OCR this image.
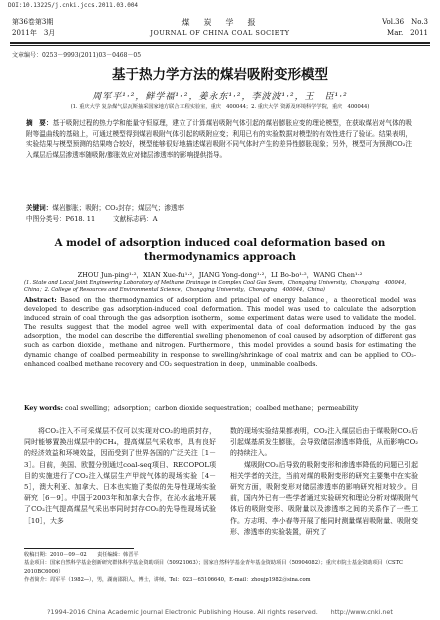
DOI:10.13225/j.cnki.jccs.2011.03.004
第36卷第3期
2011年　3月
煤　炭　学　报
JOURNAL OF CHINA COAL SOCIETY
Vol.36　No.3
Mar.　2011
文章编号：0253－9993(2011)03－0468－05
基于热力学方法的煤岩吸附变形模型
周军平¹·²，鲜学福¹·²，姜永东¹·²，李波波¹·²，王　臣¹·²
(1. 重庆大学 复杂煤气层瓦斯抽采国家地方联合工程实验室，重庆　400044；2. 重庆大学 资源及环境科学学院，重庆　400044)
摘　要：基于吸附过程的热力学和能量守恒原理，建立了计算煤岩吸附气体引起的煤岩膨胀应变的理论模型，在获取煤岩对气体的吸附等温曲线的基础上，可通过模型得到煤岩吸附气体引起的吸附应变；利用已有的实验数据对模型的有效性进行了验证。结果表明，实验结果与模型预测的结果吻合较好，模型能够很好地描述煤岩吸附不同气体时产生的差异性膨胀现象；另外，模型可为预测CO₂注入煤层后煤层渗透率随吸附/膨胀效应对储层渗透率的影响提供指导。
关键词：煤岩膨胀；吸附；CO₂封存；煤层气；渗透率
中图分类号：P618. 11	文献标志码：A
A model of adsorption induced coal deformation based on thermodynamics approach
ZHOU Jun-ping¹·²，XIAN Xue-fu¹·²，JIANG Yong-dong¹·²，LI Bo-bo¹·²，WANG Chen¹·²
(1. State and Local Joint Engineering Laboratory of Methane Drainage in Complex Coal Gas Seam，Chongqing University，Chongqing　400044，China；2. College of Resources and Environmental Science，Chongqing University，Chongqing　400044，China)
Abstract: Based on the thermodynamics of adsorption and principal of energy balance，a theoretical model was developed to describe gas adsorption-induced coal deformation. This model was used to calculate the adsorption induced strain of coal through the gas adsorption isotherm，some experiment datas were used to validate the model. The results suggest that the model agree well with experimental data of coal deformation induced by the gas adsorption，the model can describe the differential swelling phenomenon of coal caused by adsorption of different gas such as carbon dioxide，methane and nitrogen. Furthermore，this model provides a sound basis for estimating the dynamic change of coalbed permeability in response to swelling/shrinkage of coal matrix and can be applied to CO₂-enhanced coalbed methane recovery and CO₂ sequestration in deep，unminable coalbeds.
Key words: coal swelling；adsorption；carbon dioxide sequestration；coalbed methane；permeability
将CO₂注入不可采煤层不仅可以实现对CO₂的地质封存，同时能够置换出煤层中的CH₄，提高煤层气采收率，具有良好的经济效益和环境效益，因而受到了世界各国的广泛关注［1－3］。目前，美国、欧盟分别通过coal-seq项目、RECOPOL项目的实施进行了CO₂注入煤层生产甲烷气体的现场实验［4－5］，澳大利亚、加拿大、日本也实施了类似的先导性现场实验研究［6－9］。中国于2003年和加拿大合作，在沁水盆地开展了CO₂注气提高煤层气采出率同时封存CO₂的先导性现场试验［10］，大多

数的现场实验结果都表明，CO₂注入煤层后由于煤吸附CO₂后引起煤基质发生膨胀，会导致储层渗透率降低，从而影响CO₂的持续注入。

煤吸附CO₂后导致的吸附变形和渗透率降低的问题已引起相关学者的关注，当前对煤的吸附变形的研究主要集中在实验研究方面，吸附变形对储层渗透率的影响研究相对较少。目前，国内外已有一些学者通过实验研究和理论分析对煤吸附气体后的吸附变形、吸附量以及渗透率之间的关系作了一些工作。方志明、李小春等开展了能同时测量煤岩吸附量、吸附变形、渗透率的实验装置，研究了

收稿日期：2010－09－02　　责任编辑：韩晋平
基金项目：国家自然科学基金创新研究群体科学基金资助项目（50921063）；国家自然科学基金青年基金资助项目（50904082）；重庆市院士基金资助项目（CSTC 2010BC6006）
作者简介：周军平（1982—），男，湖南邵阳人，博士，讲师。Tel：023－65106640，E-mail：zhoujp1982＠sina.com
?1994-2016 China Academic Journal Electronic Publishing House. All rights reserved.　　http://www.cnki.net
